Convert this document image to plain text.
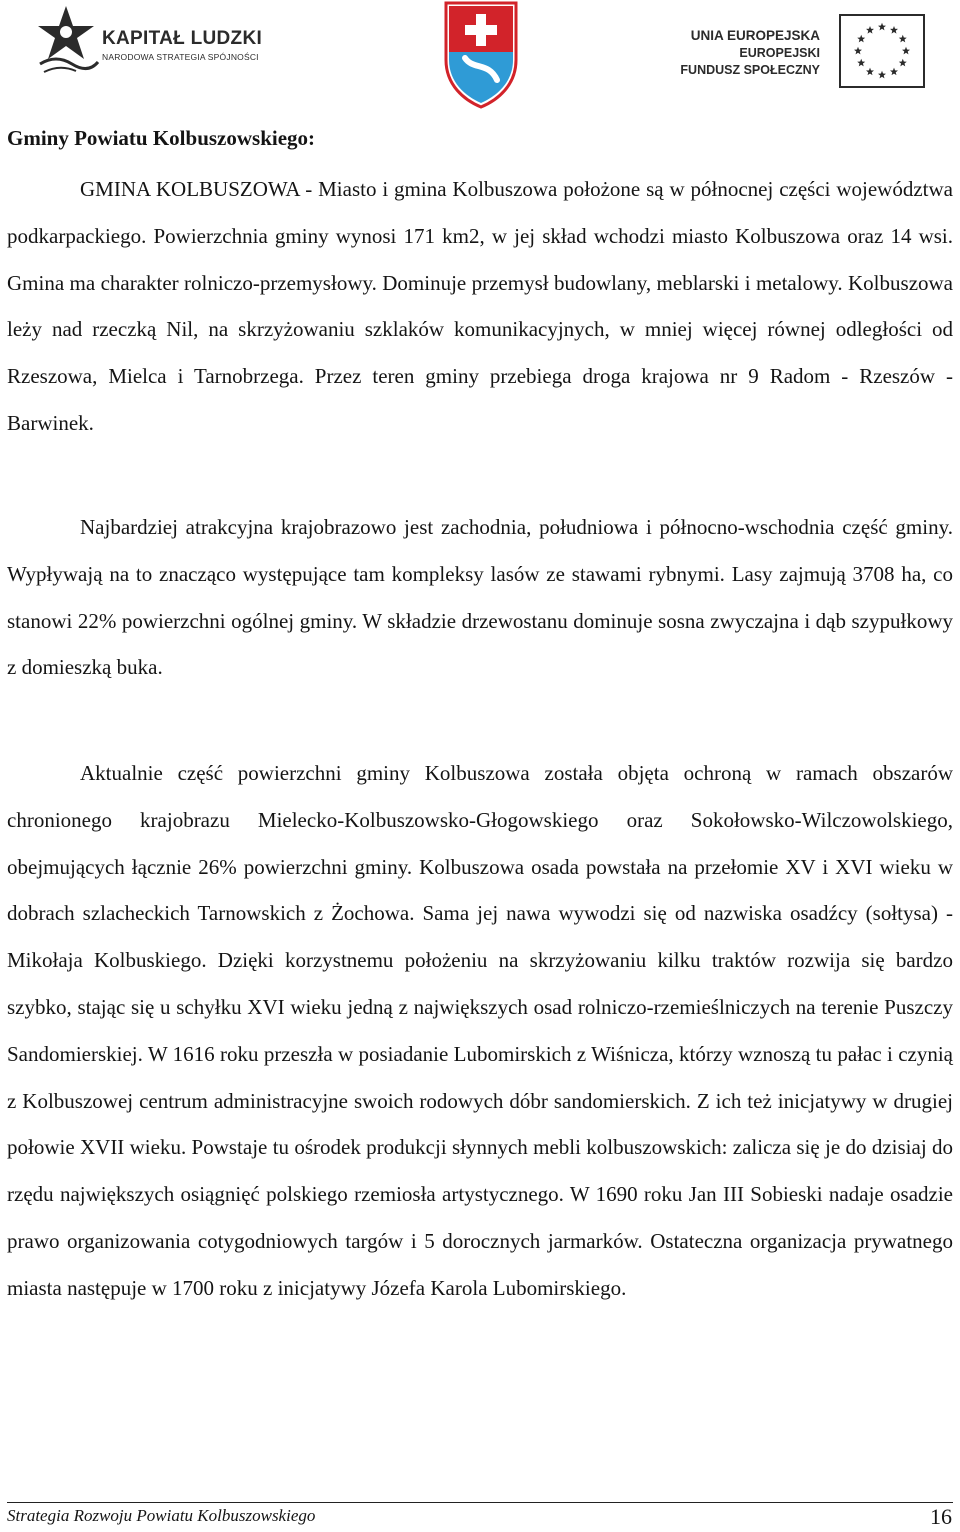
KAPITAŁ LUDZKI
NARODOWA STRATEGIA SPÓJNOŚCI
UNIA EUROPEJSKA
EUROPEJSKI
FUNDUSZ SPOŁECZNY
Gminy Powiatu Kolbuszowskiego:
GMINA KOLBUSZOWA - Miasto i gmina Kolbuszowa położone są w północnej części województwa podkarpackiego. Powierzchnia gminy wynosi 171 km2, w jej skład wchodzi miasto Kolbuszowa oraz 14 wsi. Gmina ma charakter rolniczo-przemysłowy. Dominuje przemysł budowlany, meblarski i metalowy. Kolbuszowa leży nad rzeczką Nil, na skrzyżowaniu szklaków komunikacyjnych, w mniej więcej równej odległości od Rzeszowa, Mielca i Tarnobrzega. Przez teren gminy przebiega droga krajowa nr 9 Radom - Rzeszów - Barwinek.
Najbardziej atrakcyjna krajobrazowo jest zachodnia, południowa i północno-wschodnia część gminy. Wypływają na to znacząco występujące tam kompleksy lasów ze stawami rybnymi. Lasy zajmują 3708 ha, co stanowi 22% powierzchni ogólnej gminy. W składzie drzewostanu dominuje sosna zwyczajna i dąb szypułkowy z domieszką buka.
Aktualnie część powierzchni gminy Kolbuszowa została objęta ochroną w ramach obszarów chronionego krajobrazu Mielecko-Kolbuszowsko-Głogowskiego oraz Sokołowsko-Wilczowolskiego, obejmujących łącznie 26% powierzchni gminy. Kolbuszowa osada powstała na przełomie XV i XVI wieku w dobrach szlacheckich Tarnowskich z Żochowa. Sama jej nawa wywodzi się od nazwiska osadźcy (sołtysa) - Mikołaja Kolbuskiego. Dzięki korzystnemu położeniu na skrzyżowaniu kilku traktów rozwija się bardzo szybko, stając się u schyłku XVI wieku jedną z największych osad rolniczo-rzemieślniczych na terenie Puszczy Sandomierskiej. W 1616 roku przeszła w posiadanie Lubomirskich z Wiśnicza, którzy wznoszą tu pałac i czynią z Kolbuszowej centrum administracyjne swoich rodowych dóbr sandomierskich. Z ich też inicjatywy w drugiej połowie XVII wieku. Powstaje tu ośrodek produkcji słynnych mebli kolbuszowskich: zalicza się je do dzisiaj do rzędu największych osiągnięć polskiego rzemiosła artystycznego. W 1690 roku Jan III Sobieski nadaje osadzie prawo organizowania cotygodniowych targów i 5 dorocznych jarmarków. Ostateczna organizacja prywatnego miasta następuje w 1700 roku z inicjatywy Józefa Karola Lubomirskiego.
Strategia Rozwoju Powiatu Kolbuszowskiego	16
